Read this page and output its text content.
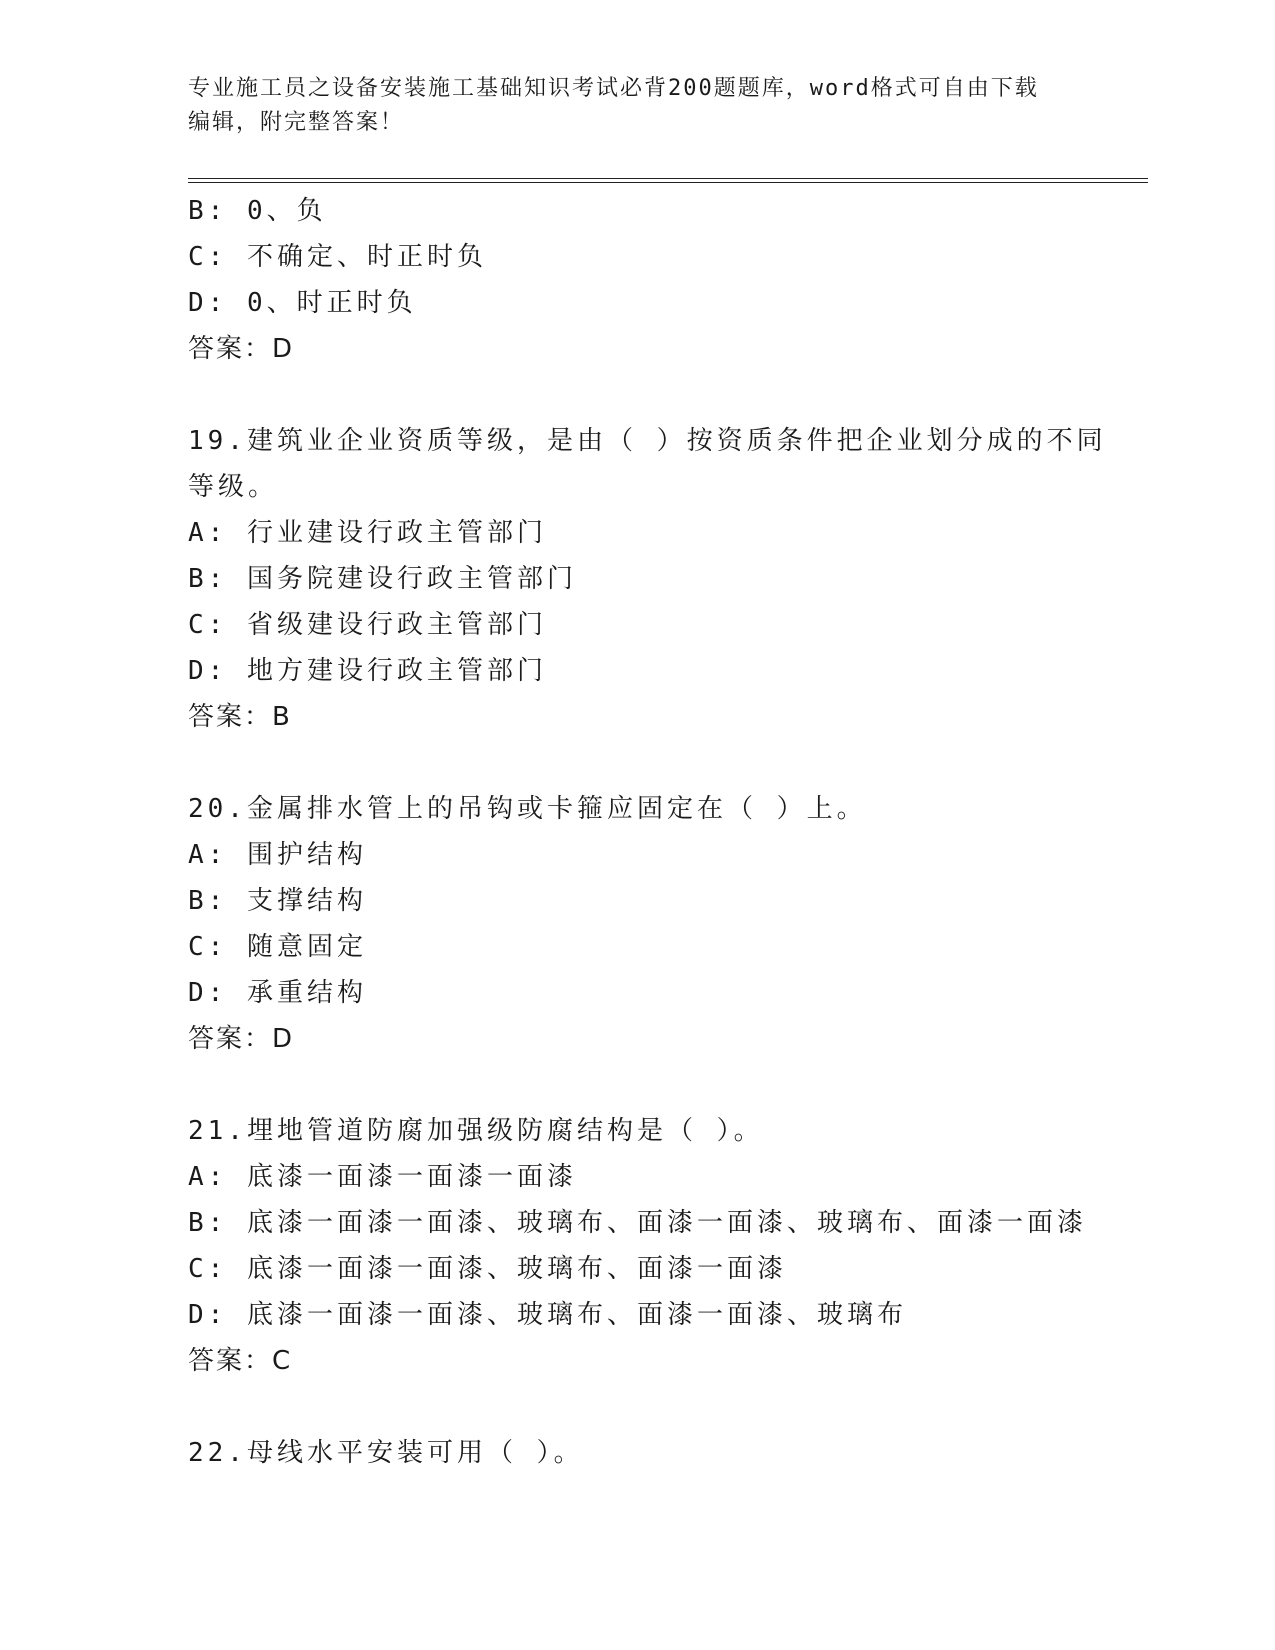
专业施工员之设备安装施工基础知识考试必背200题题库，word格式可自由下载
编辑，附完整答案！
B: 0、负
C: 不确定、时正时负
D: 0、时正时负
答案：D
19.建筑业企业资质等级，是由（ ）按资质条件把企业划分成的不同
等级。
A: 行业建设行政主管部门
B: 国务院建设行政主管部门
C: 省级建设行政主管部门
D: 地方建设行政主管部门
答案：B
20.金属排水管上的吊钩或卡箍应固定在（ ）上。
A: 围护结构
B: 支撑结构
C: 随意固定
D: 承重结构
答案：D
21.埋地管道防腐加强级防腐结构是（ ）。
A: 底漆一面漆一面漆一面漆
B: 底漆一面漆一面漆、玻璃布、面漆一面漆、玻璃布、面漆一面漆
C: 底漆一面漆一面漆、玻璃布、面漆一面漆
D: 底漆一面漆一面漆、玻璃布、面漆一面漆、玻璃布
答案：C
22.母线水平安装可用（ ）。
